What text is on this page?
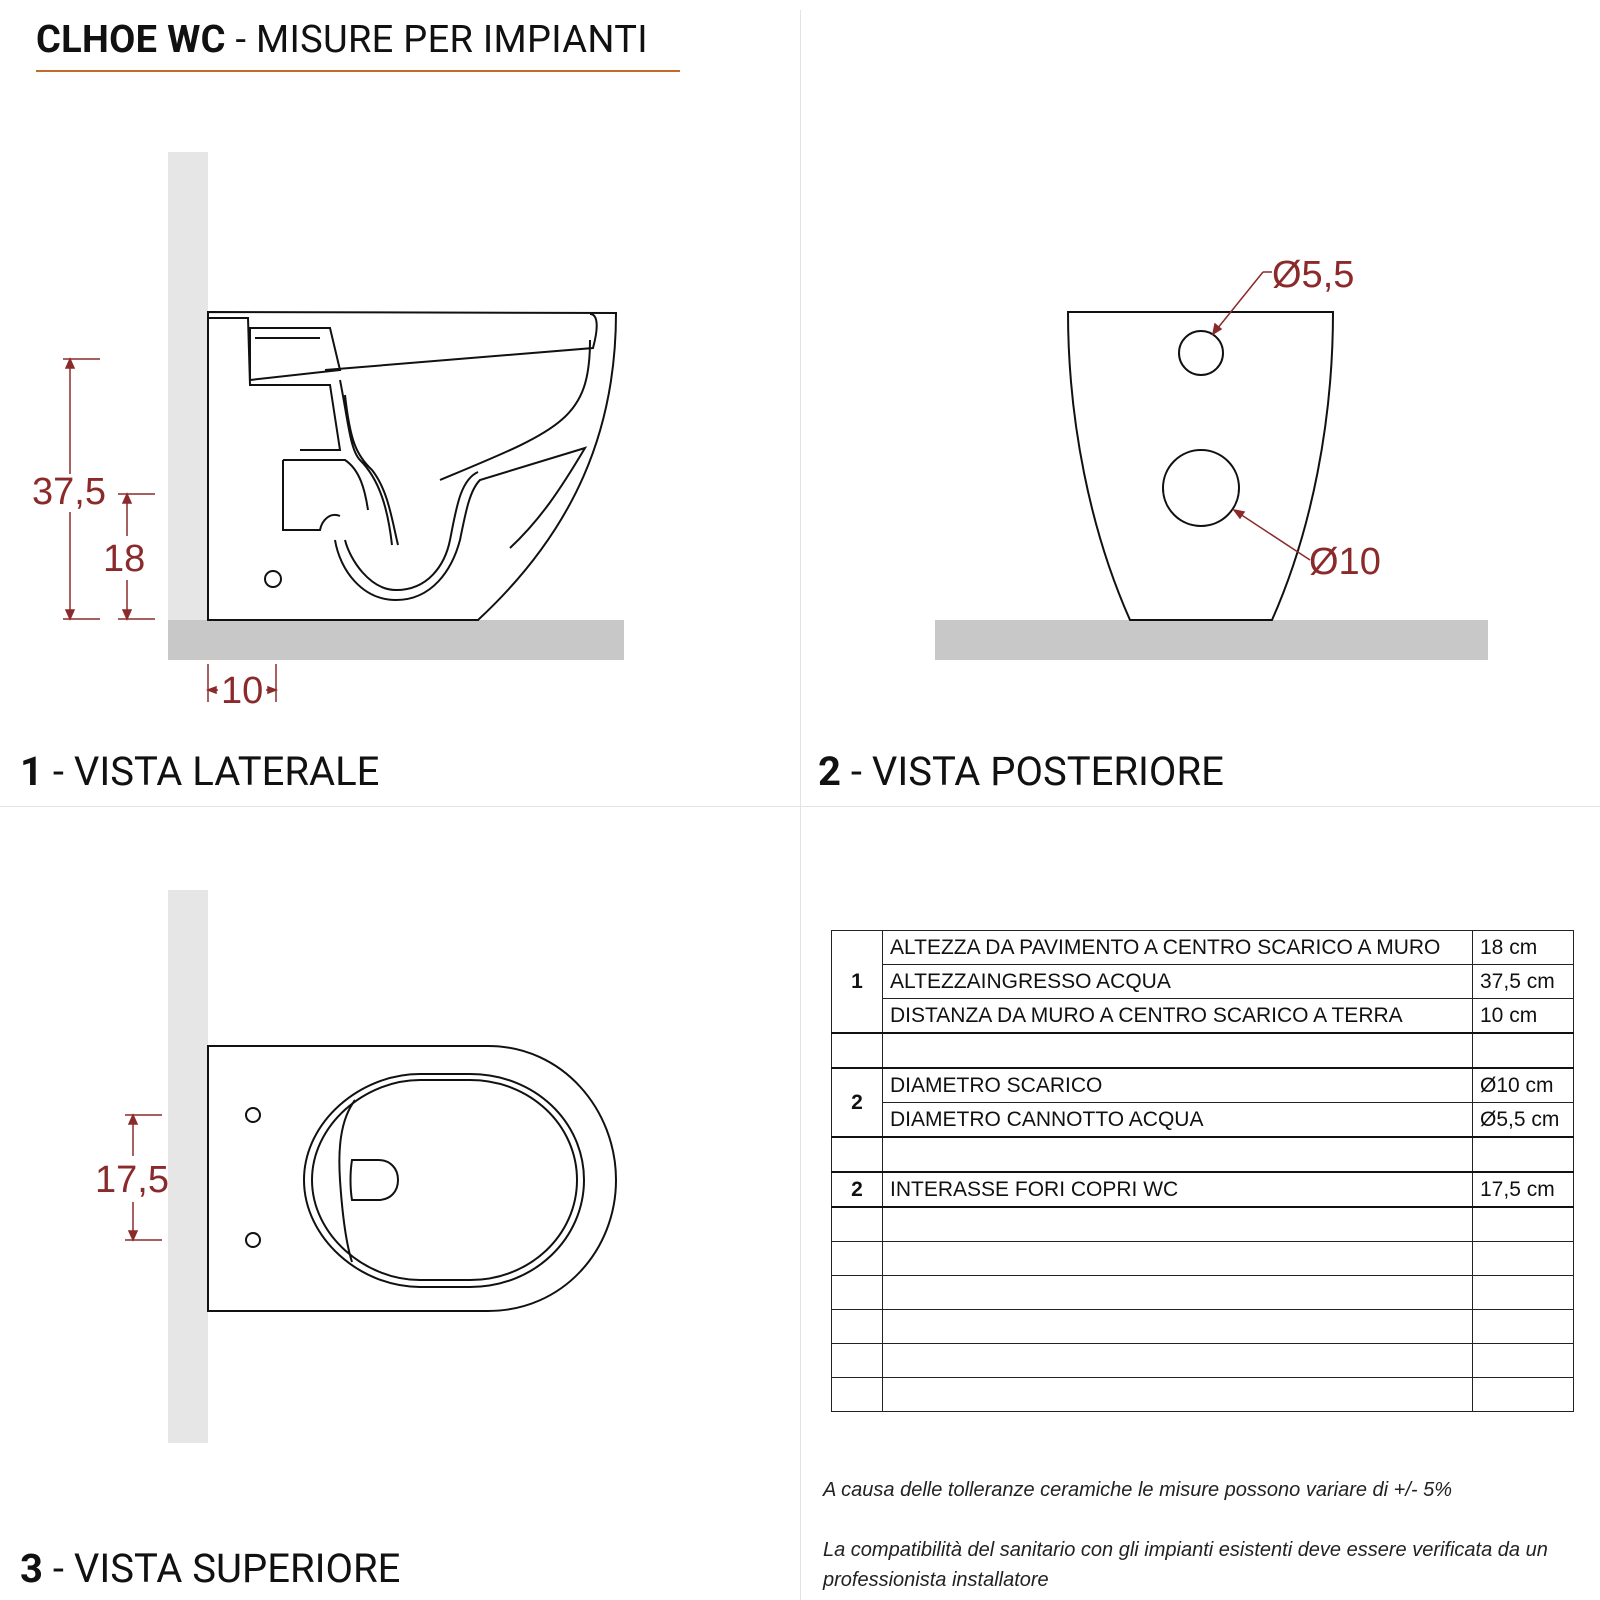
CLHOE WC - MISURE PER IMPIANTI
37,5
18
10
Ø5,5
Ø10
17,5
1 - VISTA LATERALE	2 - VISTA POSTERIORE
3 - VISTA SUPERIORE
1	ALTEZZA DA PAVIMENTO A CENTRO SCARICO A MURO	18 cm
	ALTEZZAINGRESSO ACQUA	37,5 cm
	DISTANZA DA MURO A CENTRO SCARICO A TERRA	10 cm

2	DIAMETRO SCARICO	Ø10 cm
	DIAMETRO CANNOTTO ACQUA	Ø5,5 cm

2	INTERASSE FORI COPRI WC	17,5 cm

A causa delle tolleranze ceramiche le misure possono variare di +/- 5%
La compatibilità del sanitario con gli impianti esistenti deve essere verificata da un professionista installatore
